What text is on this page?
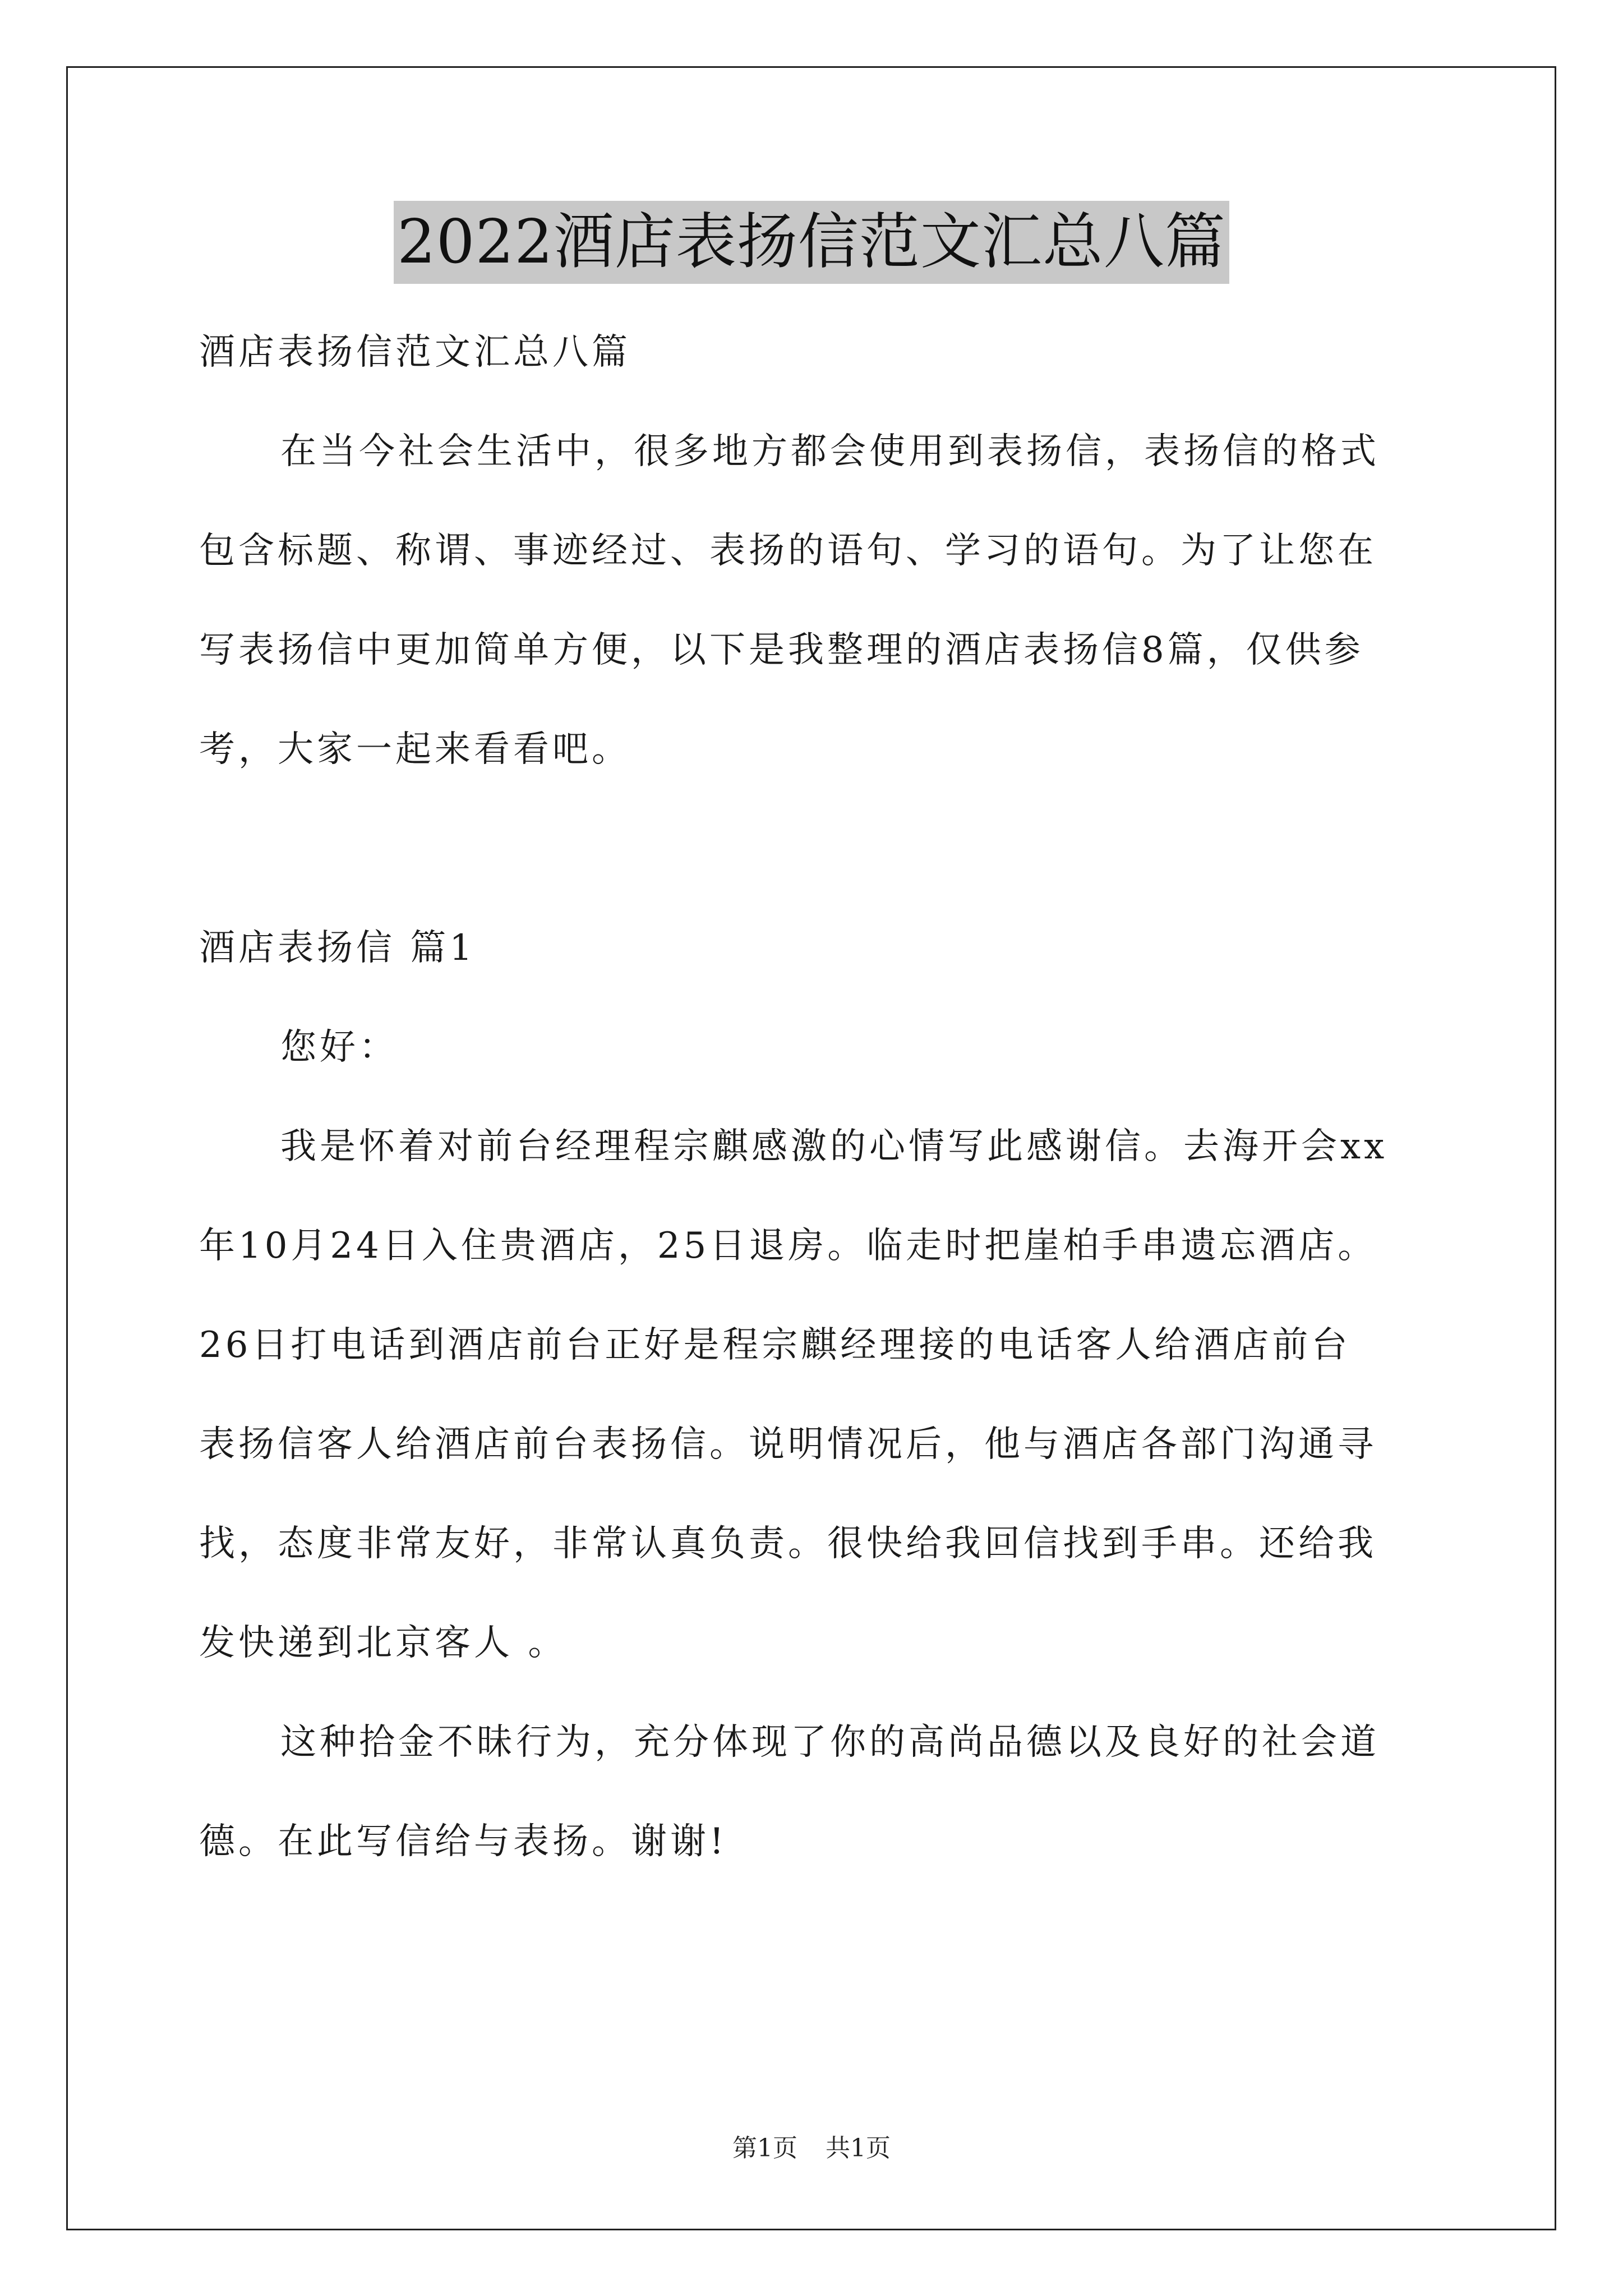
2022酒店表扬信范文汇总八篇
酒店表扬信范文汇总八篇
在当今社会生活中，很多地方都会使用到表扬信，表扬信的格式
包含标题、称谓、事迹经过、表扬的语句、学习的语句。为了让您在
写表扬信中更加简单方便，以下是我整理的酒店表扬信8篇，仅供参
考，大家一起来看看吧。
酒店表扬信 篇1
您好：
我是怀着对前台经理程宗麒感激的心情写此感谢信。去海开会xx
年10月24日入住贵酒店，25日退房。临走时把崖柏手串遗忘酒店。
26日打电话到酒店前台正好是程宗麒经理接的电话客人给酒店前台
表扬信客人给酒店前台表扬信。说明情况后，他与酒店各部门沟通寻
找，态度非常友好，非常认真负责。很快给我回信找到手串。还给我
发快递到北京客人 。
这种拾金不昧行为，充分体现了你的高尚品德以及良好的社会道
德。在此写信给与表扬。谢谢!
第1页 共1页
